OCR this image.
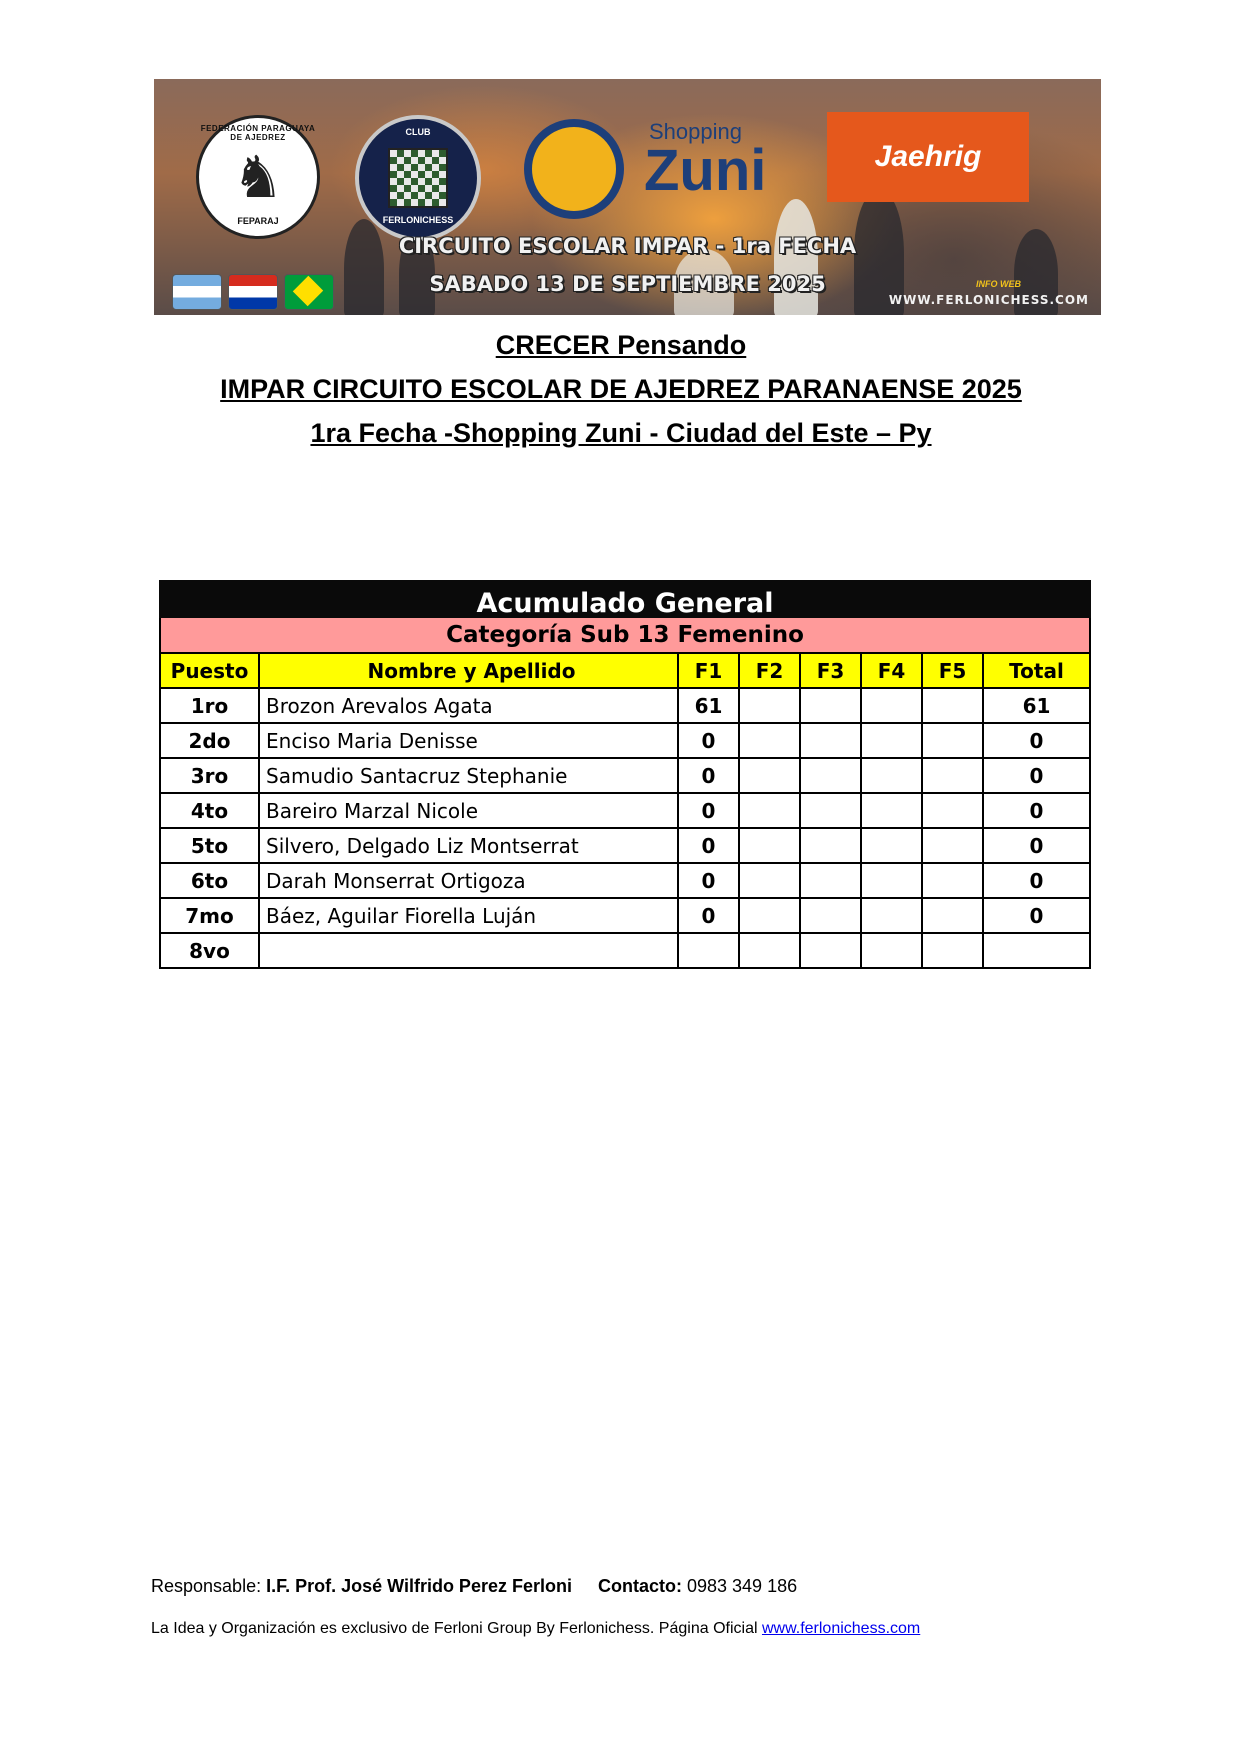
FEDERACIÓN PARAGUAYA DE AJEDREZ
♞
FEPARAJ
CLUB
FERLONICHESS
Shopping
Zuni	Jaehrig
CIRCUITO ESCOLAR IMPAR - 1ra FECHA
SABADO 13 DE SEPTIEMBRE 2025	INFO WEB
WWW.FERLONICHESS.COM
CRECER Pensando
IMPAR CIRCUITO ESCOLAR DE AJEDREZ PARANAENSE 2025
1ra Fecha -Shopping Zuni - Ciudad del Este – Py
Acumulado General
Categoría Sub 13 Femenino
Puesto	Nombre y Apellido	F1	F2	F3	F4	F5	Total
1ro	Brozon Arevalos Agata	61					61
2do	Enciso Maria Denisse	0					0
3ro	Samudio Santacruz Stephanie	0					0
4to	Bareiro Marzal Nicole	0					0
5to	Silvero, Delgado Liz Montserrat	0					0
6to	Darah Monserrat Ortigoza	0					0
7mo	Báez, Aguilar Fiorella Luján	0					0
8vo							
Responsable: I.F. Prof. José Wilfrido Perez Ferloni Contacto: 0983 349 186
La Idea y Organización es exclusivo de Ferloni Group By Ferlonichess. Página Oficial www.ferlonichess.com
